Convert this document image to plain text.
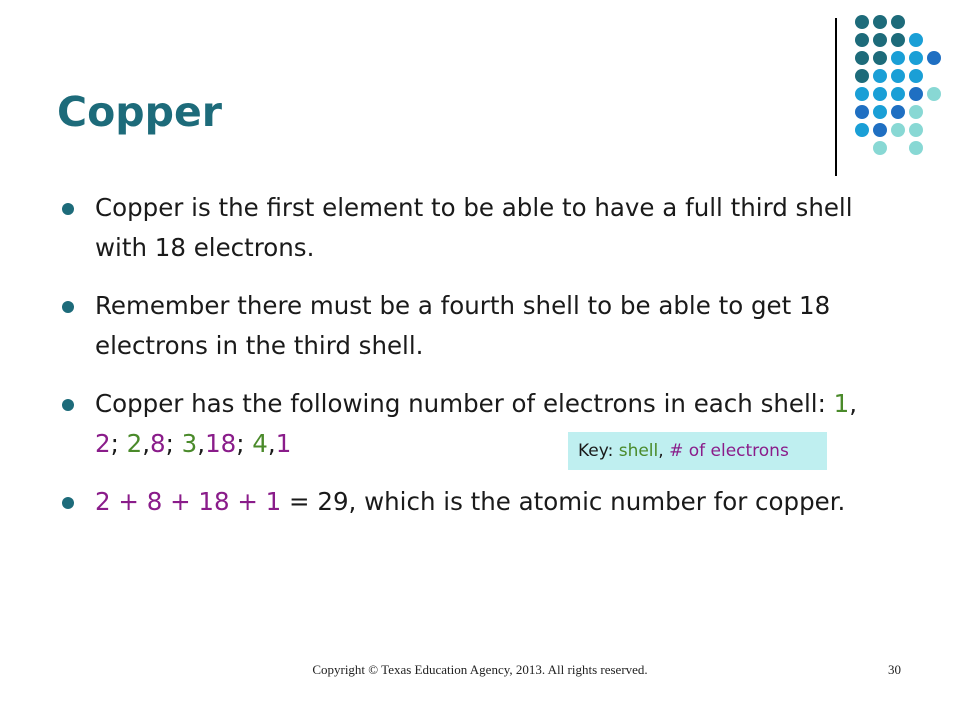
Copper
Copper is the first element to be able to have a full third shell with 18 electrons.
Remember there must be a fourth shell to be able to get 18 electrons in the third shell.
Copper has the following number of electrons in each shell: 1, 2; 2,8; 3,18; 4,1
2 + 8 + 18 + 1 = 29, which is the atomic number for copper.
Key: shell, # of electrons
Copyright © Texas Education Agency, 2013. All rights reserved.	30
